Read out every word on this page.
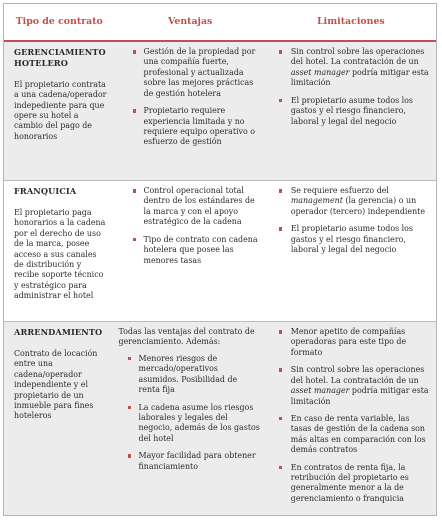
Tipo de contrato	Ventajas	Limitaciones
GERENCIAMIENTO HOTELERO
El propietario contrata a una cadena/operador indepediente para que opere su hotel a cambio del pago de honorarios
Gestión de la propiedad por una compañía fuerte, profesional y actualizada sobre las mejores prácticas de gestión hotelera
Propietario requiere experiencia limitada y no requiere equipo operativo o esfuerzo de gestión
Sin control sobre las operaciones del hotel. La contratación de un asset manager podría mitigar esta limitación
El propietario asume todos los gastos y el riesgo financiero, laboral y legal del negocio
FRANQUICIA
El propietario paga honorarios a la cadena por el derecho de uso de la marca, posee acceso a sus canales de distribución y recibe soporte técnico y estratégico para administrar el hotel
Control operacional total dentro de los estándares de la marca y con el apoyo estratégico de la cadena
Tipo de contrato con cadena hotelera que posee las menores tasas
Se requiere esfuerzo del management (la gerencia) o un operador (tercero) independiente
El propietario asume todos los gastos y el riesgo financiero, laboral y legal del negocio
ARRENDAMIENTO
Contrato de locación entre una cadena/operador independiente y el propietario de un inmueble para fines hoteleros

Todas las ventajas del contrato de gerenciamiento. Además:

Menores riesgos de mercado/operativos asumidos. Posibilidad de renta fija
La cadena asume los riesgos laborales y legales del negocio, además de los gastos del hotel
Mayor facilidad para obtener financiamiento
Menor apetito de compañías operadoras para este tipo de formato
Sin control sobre las operaciones del hotel. La contratación de un asset manager podría mitigar esta limitación
En caso de renta variable, las tasas de gestión de la cadena son más altas en comparación con los demás contratos
En contratos de renta fija, la retribución del propietario es generalmente menor a la de gerenciamiento o franquicia
